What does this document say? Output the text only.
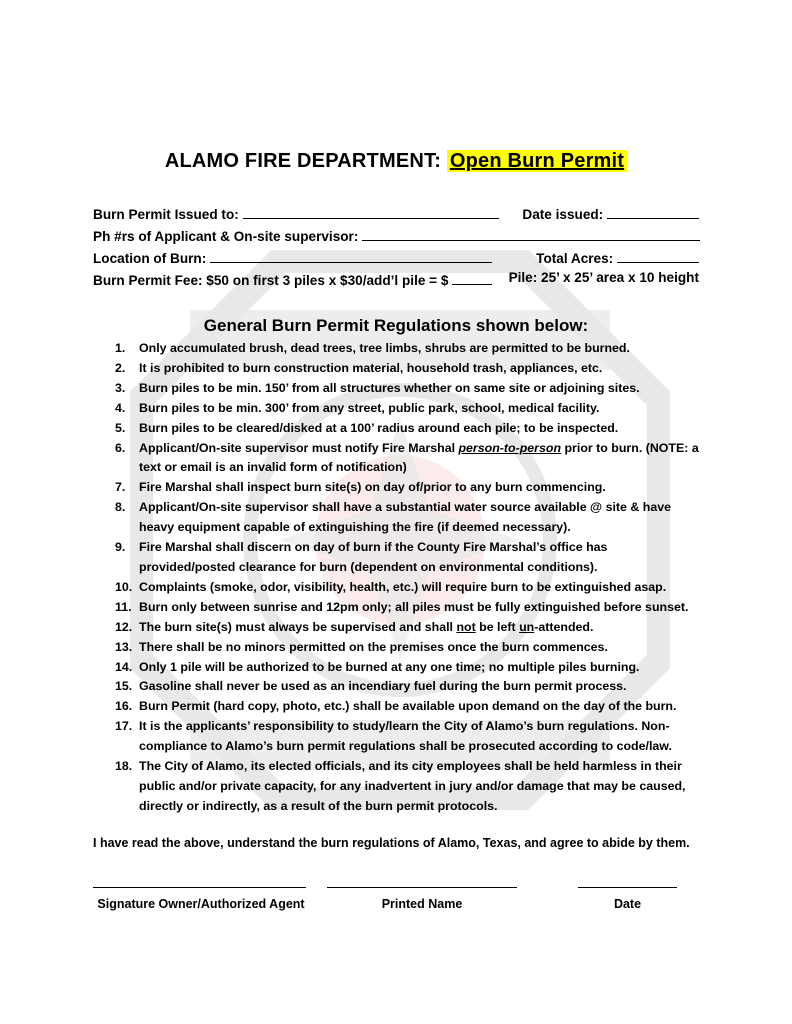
ALAMO FIRE DEPARTMENT: Open Burn Permit
Burn Permit Issued to:	Date issued:
Ph #rs of Applicant & On-site supervisor:
Location of Burn:	Total Acres:
Burn Permit Fee: $50 on first 3 piles x $30/add’l pile = $	Pile: 25’ x 25’ area x 10 height
General Burn Permit Regulations shown below:
1.	Only accumulated brush, dead trees, tree limbs, shrubs are permitted to be burned.
2.	It is prohibited to burn construction material, household trash, appliances, etc.
3.	Burn piles to be min. 150’ from all structures whether on same site or adjoining sites.
4.	Burn piles to be min. 300’ from any street, public park, school, medical facility.
5.	Burn piles to be cleared/disked at a 100’ radius around each pile; to be inspected.
6.	Applicant/On-site supervisor must notify Fire Marshal person-to-person prior to burn. (NOTE: a text or email is an invalid form of notification)
7.	Fire Marshal shall inspect burn site(s) on day of/prior to any burn commencing.
8.	Applicant/On-site supervisor shall have a substantial water source available @ site & have heavy equipment capable of extinguishing the fire (if deemed necessary).
9.	Fire Marshal shall discern on day of burn if the County Fire Marshal’s office has provided/posted clearance for burn (dependent on environmental conditions).
10. Complaints (smoke, odor, visibility, health, etc.) will require burn to be extinguished asap.
11. Burn only between sunrise and 12pm only; all piles must be fully extinguished before sunset.
12. The burn site(s) must always be supervised and shall not be left un-attended.
13. There shall be no minors permitted on the premises once the burn commences.
14. Only 1 pile will be authorized to be burned at any one time; no multiple piles burning.
15. Gasoline shall never be used as an incendiary fuel during the burn permit process.
16. Burn Permit (hard copy, photo, etc.) shall be available upon demand on the day of the burn.
17. It is the applicants’ responsibility to study/learn the City of Alamo’s burn regulations. Non-compliance to Alamo’s burn permit regulations shall be prosecuted according to code/law.
18. The City of Alamo, its elected officials, and its city employees shall be held harmless in their public and/or private capacity, for any inadvertent in jury and/or damage that may be caused, directly or indirectly, as a result of the burn permit protocols.
I have read the above, understand the burn regulations of Alamo, Texas, and agree to abide by them.
Signature Owner/Authorized Agent	Printed Name	Date
